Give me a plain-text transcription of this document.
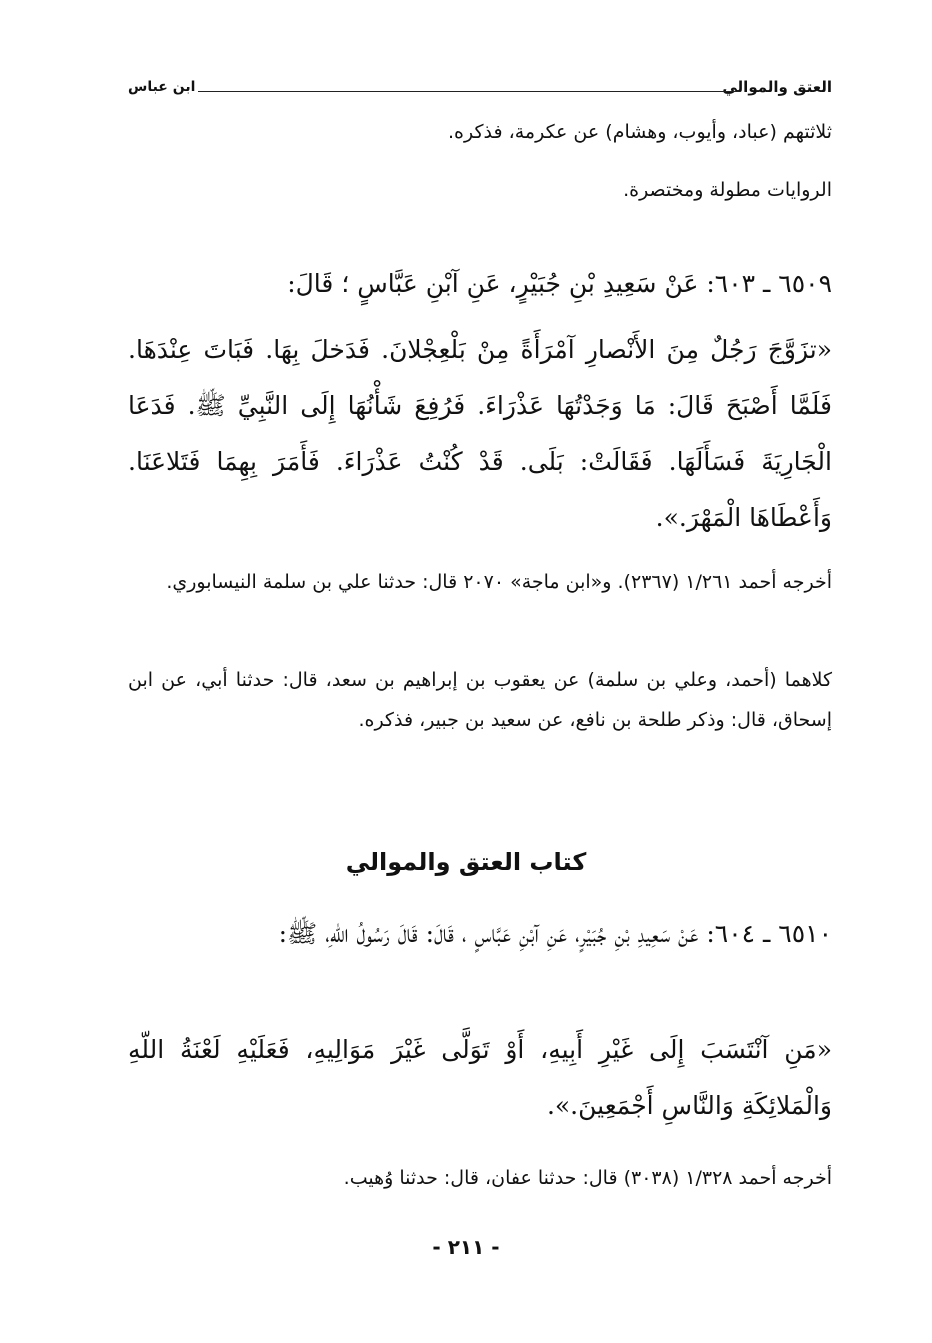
العتق والموالي
ابن عباس
ثلاثتهم (عباد، وأيوب، وهشام) عن عكرمة، فذكره.
الروايات مطولة ومختصرة.
٦٥٠٩ ـ ٦٠٣: عَنْ سَعِيدِ بْنِ جُبَيْرٍ، عَنِ آبْنِ عَبَّاسٍ ؛ قَالَ:
«تزَوَّجَ رَجُلٌ مِنَ الأَنْصارِ آمْرَأَةً مِنْ بَلْعِجْلانَ. فَدَخلَ بِهَا. فَبَاتَ عِنْدَهَا. فَلَمَّا أَصْبَحَ قَالَ: مَا وَجَدْتُهَا عَذْرَاءَ. فَرُفِعَ شَأْنُهَا إِلَى النَّبِيِّ ﷺ. فَدَعَا الْجَارِيَةَ فَسَأَلَهَا. فَقَالَتْ: بَلَى. قَدْ كُنْتُ عَذْرَاءَ. فَأَمَرَ بِهِمَا فَتَلاعَنَا. وَأَعْطَاهَا الْمَهْرَ.».
أخرجه أحمد ١/٢٦١ (٢٣٦٧). و«ابن ماجة» ٢٠٧٠ قال: حدثنا علي بن سلمة النيسابوري.
كلاهما (أحمد، وعلي بن سلمة) عن يعقوب بن إبراهيم بن سعد، قال: حدثنا أبي، عن ابن إسحاق، قال: وذكر طلحة بن نافع، عن سعيد بن جبير، فذكره.
كتاب العتق والموالي
٦٥١٠ ـ ٦٠٤: عَنْ سَعِيدِ بْنِ جُبَيْرٍ، عَنِ آبْنِ عَبَّاسٍ ، قَالَ: قَالَ رَسُولُ اللّهِ، ﷺ:
«مَنِ آنْتَسَبَ إِلَى غَيْرِ أَبِيهِ، أَوْ تَوَلَّى غَيْرَ مَوَالِيهِ، فَعَلَيْهِ لَعْنَةُ اللّهِ وَالْمَلائِكَةِ وَالنَّاسِ أَجْمَعِينَ.».
أخرجه أحمد ١/٣٢٨ (٣٠٣٨) قال: حدثنا عفان، قال: حدثنا وُهيب.
- ٢١١ -
